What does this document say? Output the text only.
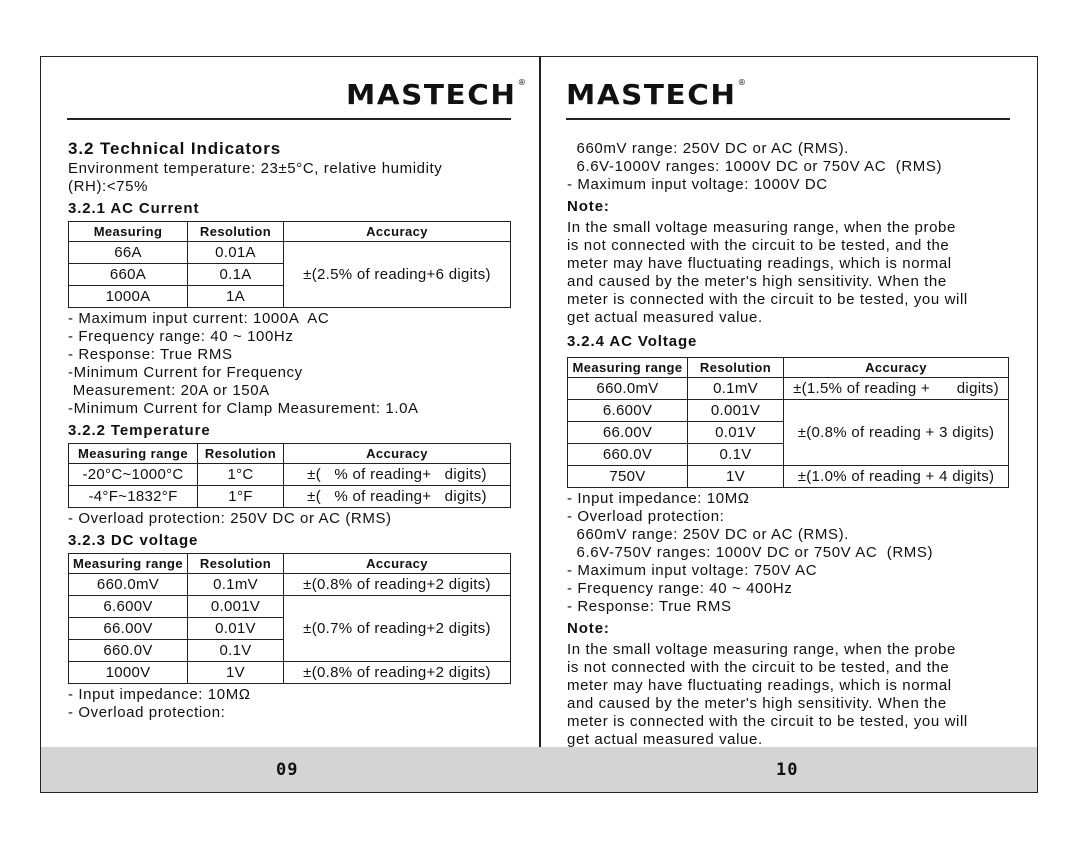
MASTECH® MASTECH®
3.2 Technical Indicators

Environment temperature: 23±5°C, relative humidity

(RH):<75%

3.2.1 AC Current
Measuring	Resolution	Accuracy
66A	0.01A	±(2.5% of reading+6 digits)
660A	0.1A	
1000A	1A	

- Maximum input current: 1000A  AC

- Frequency range: 40 ~ 100Hz

- Response: True RMS

-Minimum Current for Frequency

Measurement: 20A or 150A

-Minimum Current for Clamp Measurement: 1.0A

3.2.2 Temperature
Measuring range	Resolution	Accuracy
-20°C~1000°C	1°C	±(   % of reading+   digits)
-4°F~1832°F	1°F	±(   % of reading+   digits)

- Overload protection: 250V DC or AC (RMS)

3.2.3 DC voltage
Measuring range	Resolution	Accuracy
660.0mV	0.1mV	±(0.8% of reading+2 digits)
6.600V	0.001V	±(0.7% of reading+2 digits)
66.00V	0.01V	
660.0V	0.1V	
1000V	1V	±(0.8% of reading+2 digits)

- Input impedance: 10MΩ

- Overload protection:

660mV range: 250V DC or AC (RMS).

6.6V-1000V ranges: 1000V DC or 750V AC  (RMS)

- Maximum input voltage: 1000V DC

Note:

In the small voltage measuring range, when the probe

is not connected with the circuit to be tested, and the

meter may have fluctuating readings, which is normal

and caused by the meter's high sensitivity. When the

meter is connected with the circuit to be tested, you will

get actual measured value.

3.2.4 AC Voltage
Measuring range	Resolution	Accuracy
660.0mV	0.1mV	±(1.5% of reading +      digits)
6.600V	0.001V	±(0.8% of reading + 3 digits)
66.00V	0.01V	
660.0V	0.1V	
750V	1V	±(1.0% of reading + 4 digits)

- Input impedance: 10MΩ

- Overload protection:

660mV range: 250V DC or AC (RMS).

6.6V-750V ranges: 1000V DC or 750V AC  (RMS)

- Maximum input voltage: 750V AC

- Frequency range: 40 ~ 400Hz

- Response: True RMS

Note:

In the small voltage measuring range, when the probe

is not connected with the circuit to be tested, and the

meter may have fluctuating readings, which is normal

and caused by the meter's high sensitivity. When the

meter is connected with the circuit to be tested, you will

get actual measured value.

09	10
